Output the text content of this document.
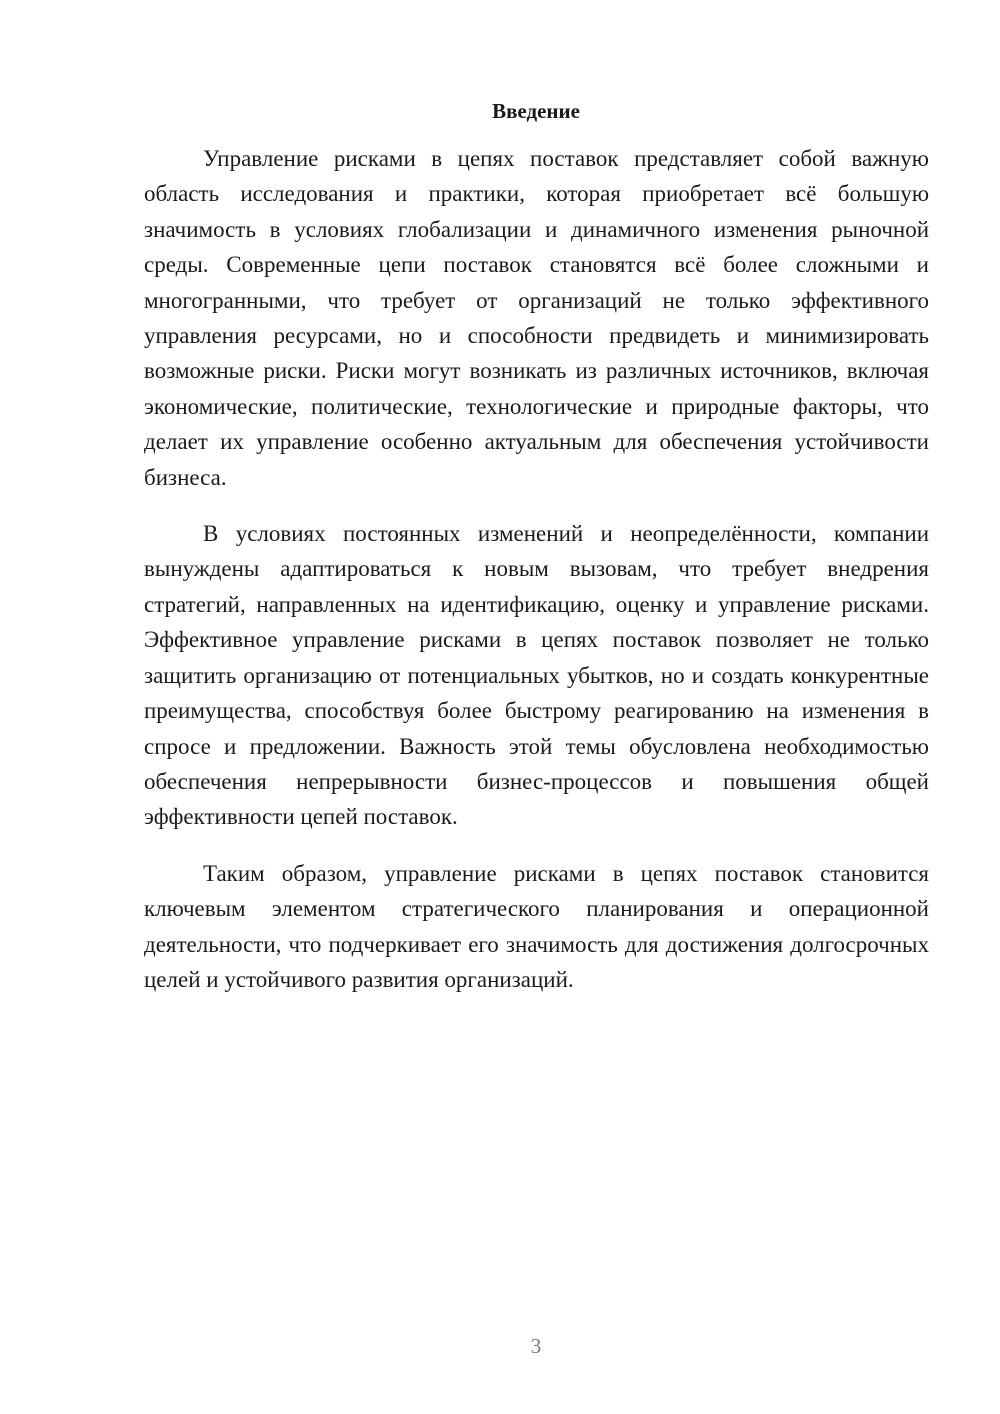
Введение

Управление рисками в цепях поставок представляет собой важную область исследования и практики, которая приобретает всё большую значимость в условиях глобализации и динамичного изменения рыночной среды. Современные цепи поставок становятся всё более сложными и многогранными, что требует от организаций не только эффективного управления ресурсами, но и способности предвидеть и минимизировать возможные риски. Риски могут возникать из различных источников, включая экономические, политические, технологические и природные факторы, что делает их управление особенно актуальным для обеспечения устойчивости бизнеса.

В условиях постоянных изменений и неопределённости, компании вынуждены адаптироваться к новым вызовам, что требует внедрения стратегий, направленных на идентификацию, оценку и управление рисками. Эффективное управление рисками в цепях поставок позволяет не только защитить организацию от потенциальных убытков, но и создать конкурентные преимущества, способствуя более быстрому реагированию на изменения в спросе и предложении. Важность этой темы обусловлена необходимостью обеспечения непрерывности бизнес-процессов и повышения общей эффективности цепей поставок.

Таким образом, управление рисками в цепях поставок становится ключевым элементом стратегического планирования и операционной деятельности, что подчеркивает его значимость для достижения долгосрочных целей и устойчивого развития организаций.

3
